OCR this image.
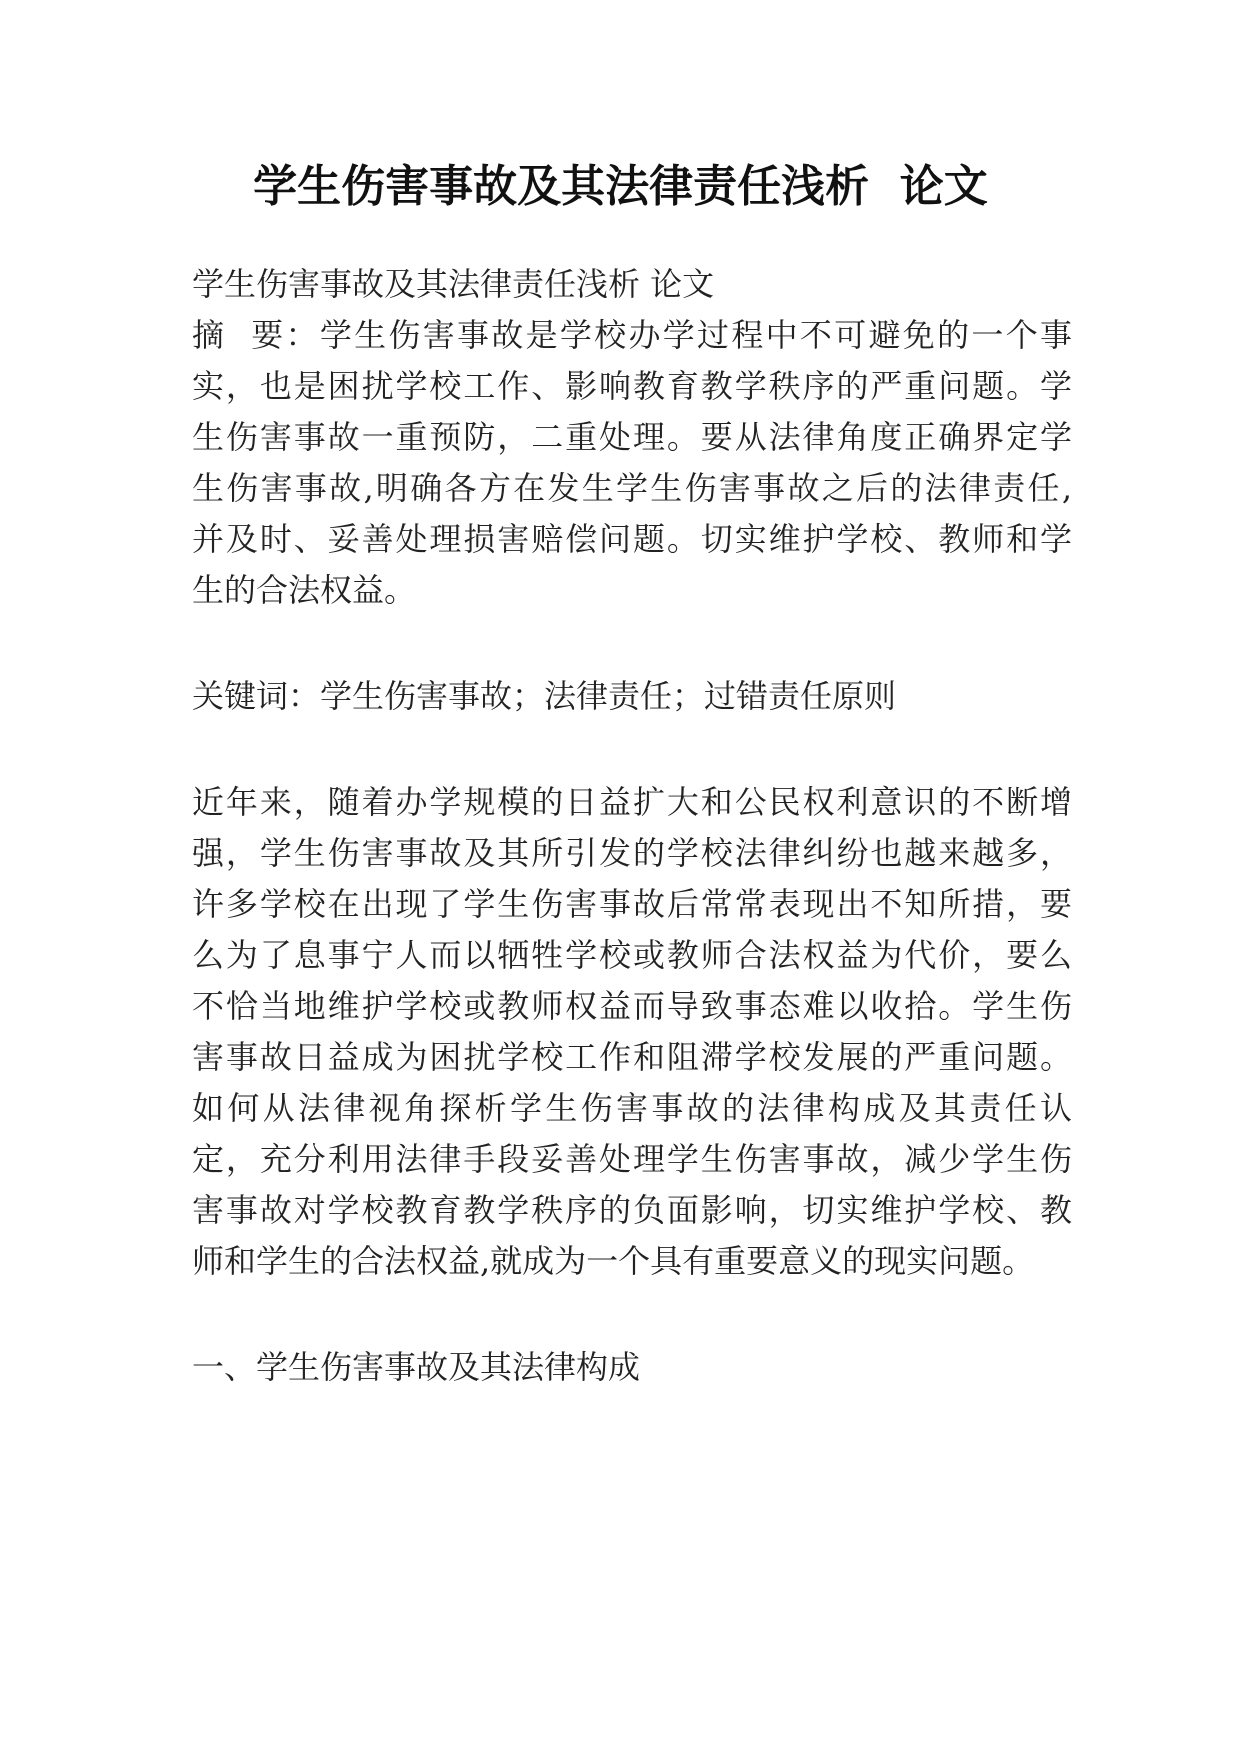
学生伤害事故及其法律责任浅析  论文
学生伤害事故及其法律责任浅析 论文
摘  要：学生伤害事故是学校办学过程中不可避免的一个事
实，也是困扰学校工作、影响教育教学秩序的严重问题。学
生伤害事故一重预防，二重处理。要从法律角度正确界定学
生伤害事故,明确各方在发生学生伤害事故之后的法律责任,
并及时、妥善处理损害赔偿问题。切实维护学校、教师和学
生的合法权益。
关键词：学生伤害事故；法律责任；过错责任原则
近年来，随着办学规模的日益扩大和公民权利意识的不断增
强，学生伤害事故及其所引发的学校法律纠纷也越来越多，
许多学校在出现了学生伤害事故后常常表现出不知所措，要
么为了息事宁人而以牺牲学校或教师合法权益为代价，要么
不恰当地维护学校或教师权益而导致事态难以收拾。学生伤
害事故日益成为困扰学校工作和阻滞学校发展的严重问题。
如何从法律视角探析学生伤害事故的法律构成及其责任认
定，充分利用法律手段妥善处理学生伤害事故，减少学生伤
害事故对学校教育教学秩序的负面影响，切实维护学校、教
师和学生的合法权益,就成为一个具有重要意义的现实问题。
一、学生伤害事故及其法律构成
